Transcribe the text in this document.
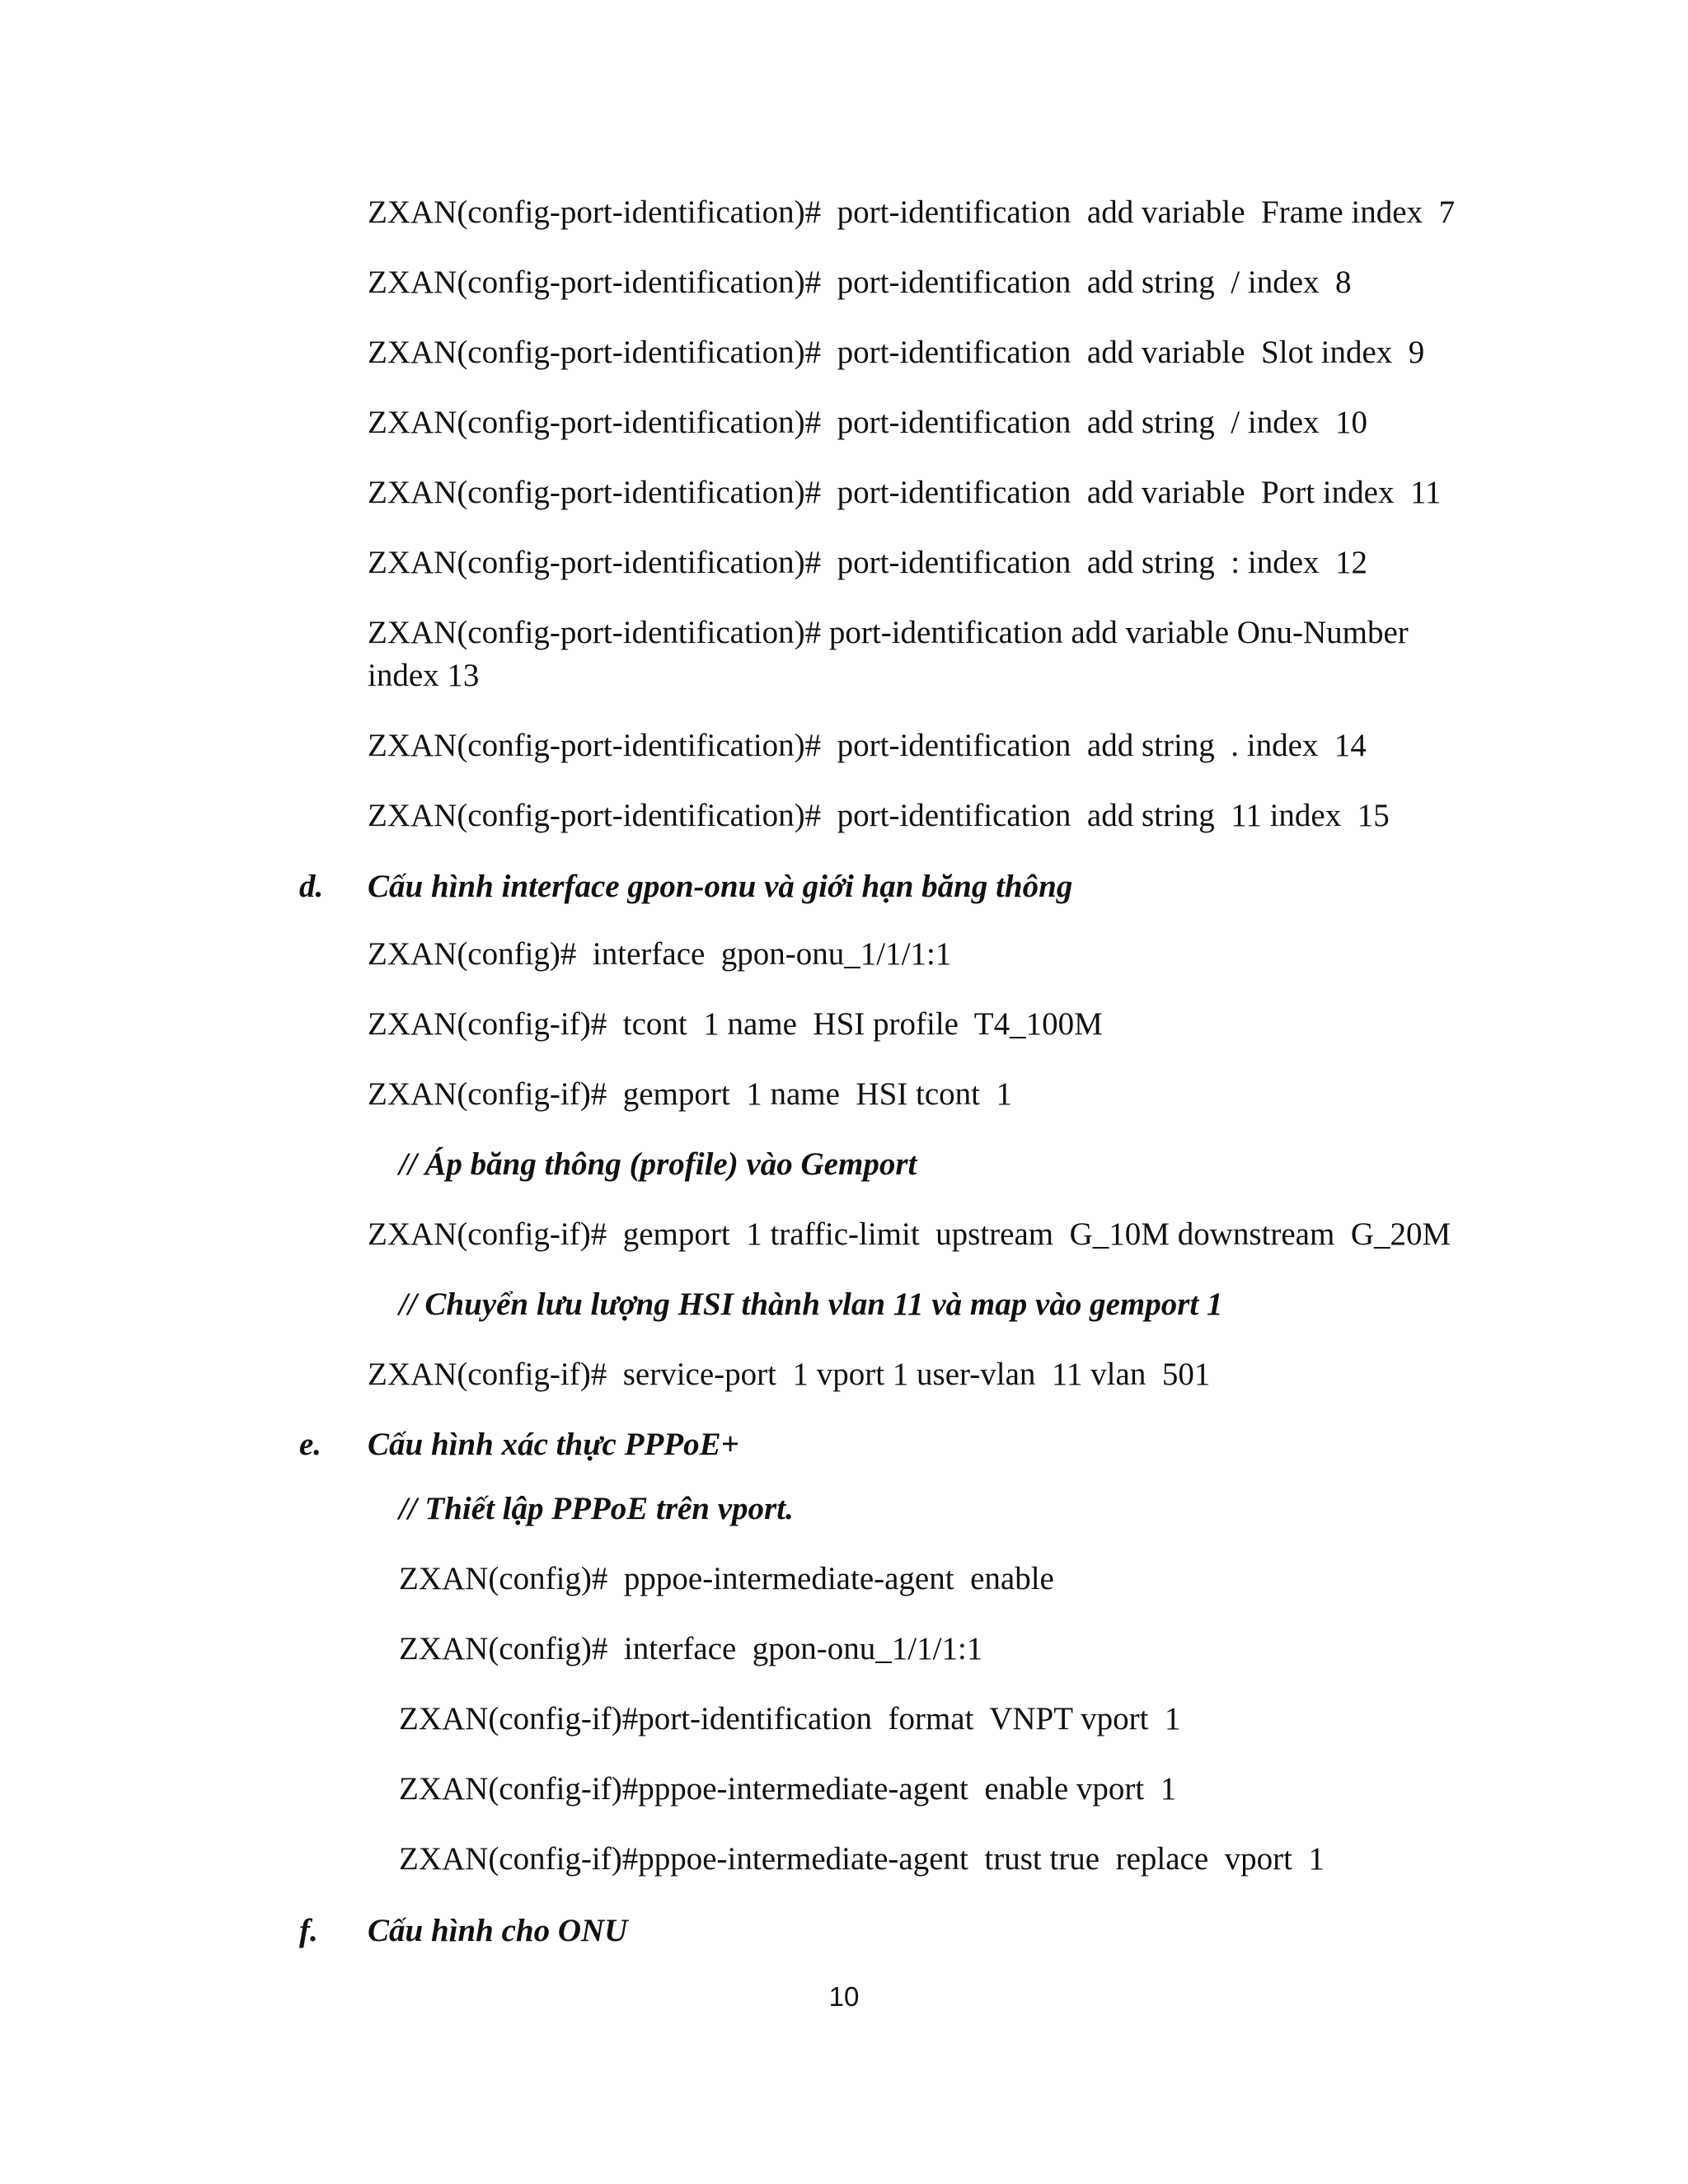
ZXAN(config-port-identification)#  port-identification  add variable  Frame index  7
ZXAN(config-port-identification)#  port-identification  add string  / index  8
ZXAN(config-port-identification)#  port-identification  add variable  Slot index  9
ZXAN(config-port-identification)#  port-identification  add string  / index  10
ZXAN(config-port-identification)#  port-identification  add variable  Port index  11
ZXAN(config-port-identification)#  port-identification  add string  : index  12
ZXAN(config-port-identification)# port-identification add variable Onu-Number index 13
ZXAN(config-port-identification)#  port-identification  add string  . index  14
ZXAN(config-port-identification)#  port-identification  add string  11 index  15
d. Cấu hình interface gpon-onu và giới hạn băng thông
ZXAN(config)#  interface  gpon-onu_1/1/1:1
ZXAN(config-if)#  tcont  1 name  HSI profile  T4_100M
ZXAN(config-if)#  gemport  1 name  HSI tcont  1
// Áp băng thông (profile) vào Gemport
ZXAN(config-if)#  gemport  1 traffic-limit  upstream  G_10M downstream  G_20M
// Chuyển lưu lượng HSI thành vlan 11 và map vào gemport 1
ZXAN(config-if)#  service-port  1 vport 1 user-vlan  11 vlan  501
e. Cấu hình xác thực PPPoE+
// Thiết lập PPPoE trên vport.
ZXAN(config)#  pppoe-intermediate-agent  enable
ZXAN(config)#  interface  gpon-onu_1/1/1:1
ZXAN(config-if)#port-identification  format  VNPT vport  1
ZXAN(config-if)#pppoe-intermediate-agent  enable vport  1
ZXAN(config-if)#pppoe-intermediate-agent  trust true  replace  vport  1
f. Cấu hình cho ONU
10
